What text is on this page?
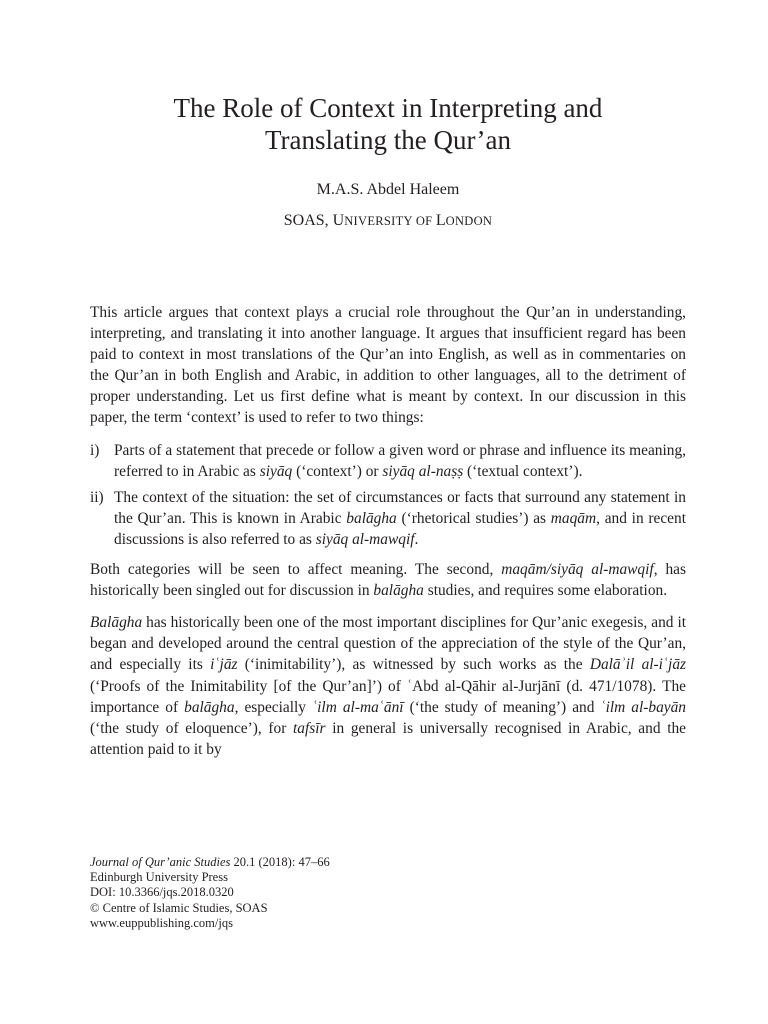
The Role of Context in Interpreting and
Translating the Qur’an
M.A.S. Abdel Haleem
SOAS, UNIVERSITY OF LONDON

This article argues that context plays a crucial role throughout the Qur’an in understanding, interpreting, and translating it into another language. It argues that insufficient regard has been paid to context in most translations of the Qur’an into English, as well as in commentaries on the Qur’an in both English and Arabic, in addition to other languages, all to the detriment of proper understanding. Let us first define what is meant by context. In our discussion in this paper, the term ‘context’ is used to refer to two things:

i) Parts of a statement that precede or follow a given word or phrase and influence its meaning, referred to in Arabic as siyāq (‘context’) or siyāq al-naṣṣ (‘textual context’).
ii) The context of the situation: the set of circumstances or facts that surround any statement in the Qur’an. This is known in Arabic balāgha (‘rhetorical studies’) as maqām, and in recent discussions is also referred to as siyāq al-mawqif.

Both categories will be seen to affect meaning. The second, maqām/siyāq al-mawqif, has historically been singled out for discussion in balāgha studies, and requires some elaboration.

Balāgha has historically been one of the most important disciplines for Qur’anic exegesis, and it began and developed around the central question of the appreciation of the style of the Qur’an, and especially its iʿjāz (‘inimitability’), as witnessed by such works as the Dalāʾil al-iʿjāz (‘Proofs of the Inimitability [of the Qur’an]’) of ʿAbd al-Qāhir al-Jurjānī (d. 471/1078). The importance of balāgha, especially ʿilm al-maʿānī (‘the study of meaning’) and ʿilm al-bayān (‘the study of eloquence’), for tafsīr in general is universally recognised in Arabic, and the attention paid to it by

Journal of Qur’anic Studies 20.1 (2018): 47–66
Edinburgh University Press
DOI: 10.3366/jqs.2018.0320
© Centre of Islamic Studies, SOAS
www.euppublishing.com/jqs
